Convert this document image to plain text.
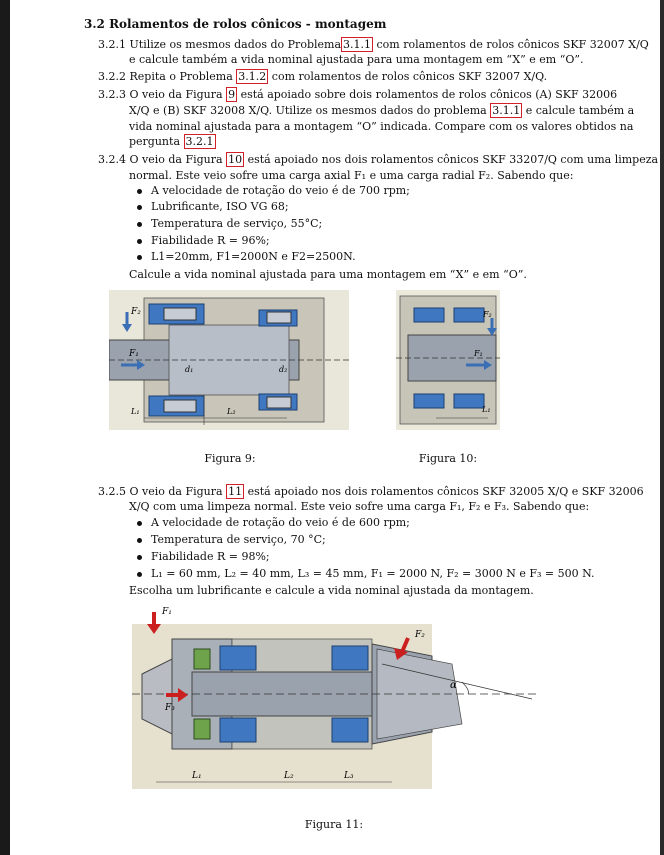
3.2 Rolamentos de rolos cônicos - montagem
3.2.1 Utilize os mesmos dados do Problema 3.1.1 com rolamentos de rolos cônicos SKF 32007 X/Q
e calcule também a vida nominal ajustada para uma montagem em “X” e em “O”.
3.2.2 Repita o Problema 3.1.2 com rolamentos de rolos cônicos SKF 32007 X/Q.
3.2.3 O veio da Figura 9 está apoiado sobre dois rolamentos de rolos cônicos (A) SKF 32006
X/Q e (B) SKF 32008 X/Q. Utilize os mesmos dados do problema 3.1.1 e calcule também a
vida nominal ajustada para a montagem “O” indicada. Compare com os valores obtidos na
pergunta 3.2.1
3.2.4 O veio da Figura 10 está apoiado nos dois rolamentos cônicos SKF 33207/Q com uma limpeza
normal. Este veio sofre uma carga axial F₁ e uma carga radial F₂. Sabendo que:
A velocidade de rotação do veio é de 700 rpm;
Lubrificante, ISO VG 68;
Temperatura de serviço, 55°C;
Fiabilidade R = 96%;
L1=20mm, F1=2000N e F2=2500N.
Calcule a vida nominal ajustada para uma montagem em “X” e em “O”.
F₂
F₁
d₁	d₂
L₁	L₂
Figura 9:
F₂
F₁
L₁
Figura 10:
3.2.5 O veio da Figura 11 está apoiado nos dois rolamentos cônicos SKF 32005 X/Q e SKF 32006
X/Q com uma limpeza normal. Este veio sofre uma carga F₁, F₂ e F₃. Sabendo que:
A velocidade de rotação do veio é de 600 rpm;
Temperatura de serviço, 70 °C;
Fiabilidade R = 98%;
L₁ = 60 mm, L₂ = 40 mm, L₃ = 45 mm, F₁ = 2000 N, F₂ = 3000 N e F₃ = 500 N.
Escolha um lubrificante e calcule a vida nominal ajustada da montagem.
F₁
F₂
F₃
α
L₁	L₂	L₃
Figura 11:
